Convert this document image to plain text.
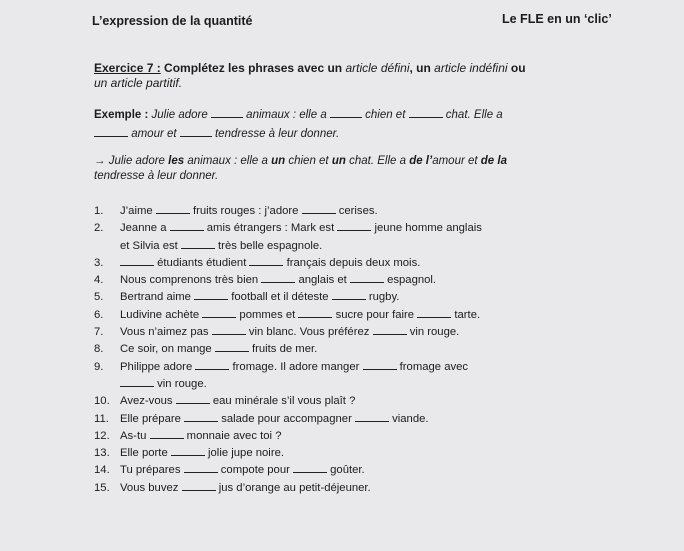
L’expression de la quantité	Le FLE en un ‘clic’
Exercice 7 : Complétez les phrases avec un article défini, un article indéfini ou
un article partitif.
Exemple : Julie adore	animaux : elle a	chien et	chat. Elle a
amour et	tendresse à leur donner.
→ Julie adore les animaux : elle a un chien et un chat. Elle a de l’amour et de la
tendresse à leur donner.
1. J’aime	fruits rouges : j’adore	cerises.
2. Jeanne a	amis étrangers : Mark est	jeune homme anglais
et Silvia est	très belle espagnole.
3.	étudiants étudient	français depuis deux mois.
4. Nous comprenons très bien	anglais et	espagnol.
5. Bertrand aime	football et il déteste	rugby.
6. Ludivine achète	pommes et	sucre pour faire	tarte.
7. Vous n’aimez pas	vin blanc. Vous préférez	vin rouge.
8. Ce soir, on mange	fruits de mer.
9. Philippe adore	fromage. Il adore manger	fromage avec
vin rouge.
10. Avez-vous	eau minérale s’il vous plaît ?
11. Elle prépare	salade pour accompagner	viande.
12. As-tu	monnaie avec toi ?
13. Elle porte	jolie jupe noire.
14. Tu prépares	compote pour	goûter.
15. Vous buvez	jus d’orange au petit-déjeuner.
